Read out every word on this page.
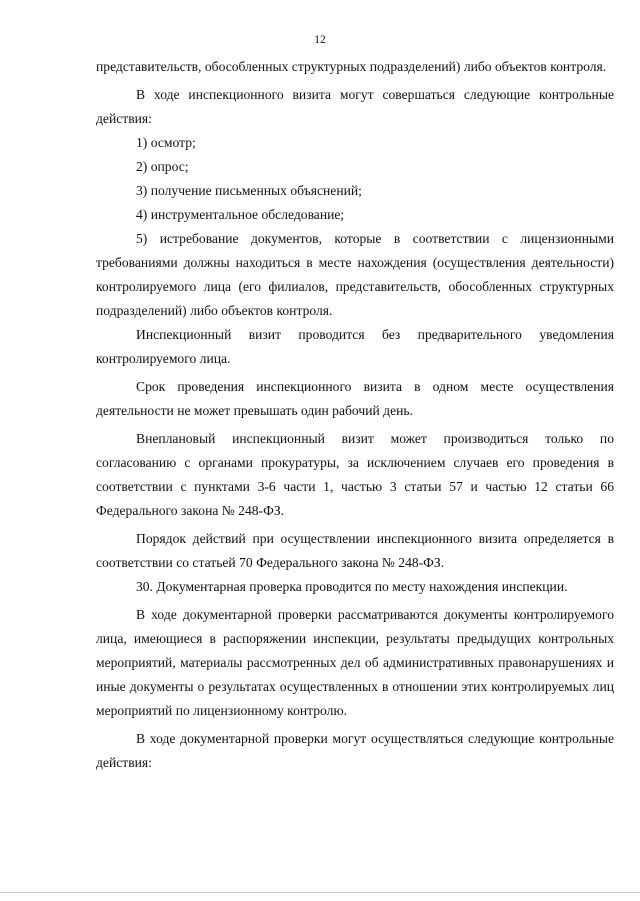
12

представительств, обособленных структурных подразделений) либо объектов контроля.

В ходе инспекционного визита могут совершаться следующие контрольные действия:

1) осмотр;

2) опрос;

3) получение письменных объяснений;

4) инструментальное обследование;

5) истребование документов, которые в соответствии с лицензионными требованиями должны находиться в месте нахождения (осуществления деятельности) контролируемого лица (его филиалов, представительств, обособленных структурных подразделений) либо объектов контроля.

Инспекционный визит проводится без предварительного уведомления контролируемого лица.

Срок проведения инспекционного визита в одном месте осуществления деятельности не может превышать один рабочий день.

Внеплановый инспекционный визит может производиться только по согласованию с органами прокуратуры, за исключением случаев его проведения в соответствии с пунктами 3-6 части 1, частью 3 статьи 57 и частью 12 статьи 66 Федерального закона № 248-ФЗ.

Порядок действий при осуществлении инспекционного визита определяется в соответствии со статьей 70 Федерального закона № 248-ФЗ.

30. Документарная проверка проводится по месту нахождения инспекции.

В ходе документарной проверки рассматриваются документы контролируемого лица, имеющиеся в распоряжении инспекции, результаты предыдущих контрольных мероприятий, материалы рассмотренных дел об административных правонарушениях и иные документы о результатах осуществленных в отношении этих контролируемых лиц мероприятий по лицензионному контролю.

В ходе документарной проверки могут осуществляться следующие контрольные действия:
